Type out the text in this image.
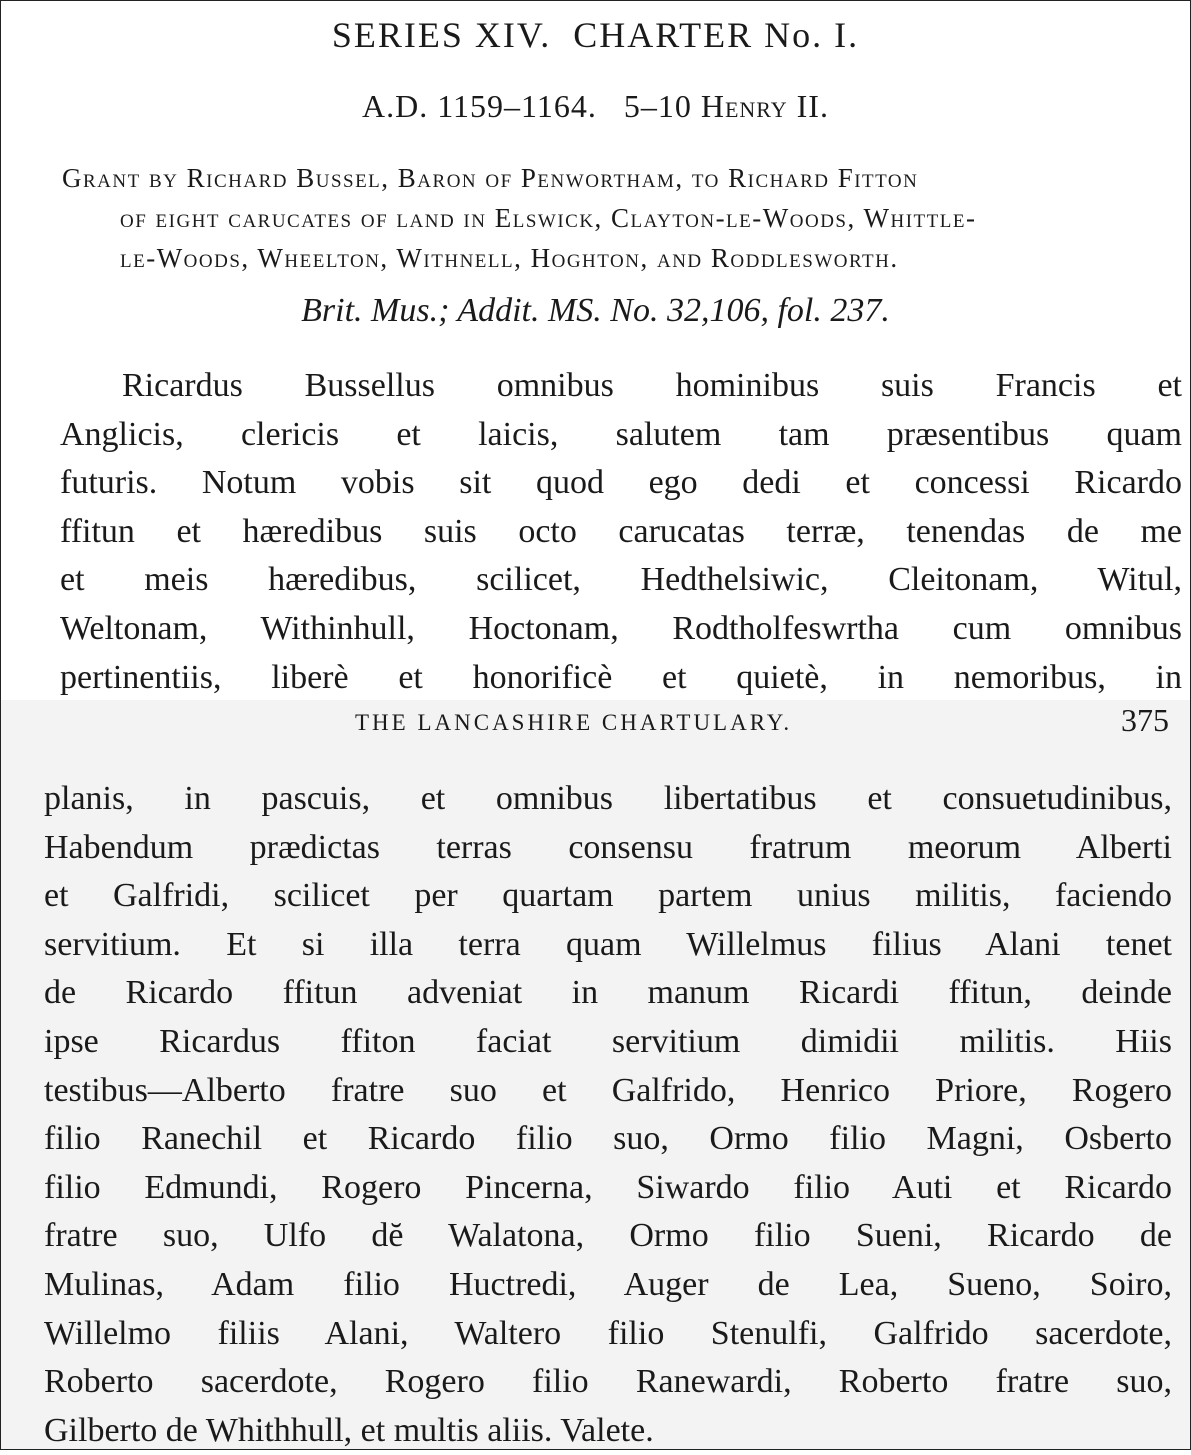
SERIES XIV.  CHARTER No. I.
A.D. 1159–1164. 5–10 Henry II.
Grant by Richard Bussel, Baron of Penwortham, to Richard Fitton
of eight carucates of land in Elswick, Clayton-le-Woods, Whittle-
le-Woods, Wheelton, Withnell, Hoghton, and Roddlesworth.
Brit. Mus.; Addit. MS. No. 32,106, fol. 237.
Ricardus Bussellus omnibus hominibus suis Francis et
Anglicis, clericis et laicis, salutem tam præsentibus quam
futuris. Notum vobis sit quod ego dedi et concessi Ricardo
ffitun et hæredibus suis octo carucatas terræ, tenendas de me
et meis hæredibus, scilicet, Hedthelsiwic, Cleitonam, Witul,
Weltonam, Withinhull, Hoctonam, Rodtholfeswrtha cum omnibus
pertinentiis, liberè et honorificè et quietè, in nemoribus, in
THE LANCASHIRE CHARTULARY.	375
planis, in pascuis, et omnibus libertatibus et consuetudinibus,
Habendum prædictas terras consensu fratrum meorum Alberti
et Galfridi, scilicet per quartam partem unius militis, faciendo
servitium. Et si illa terra quam Willelmus filius Alani tenet
de Ricardo ffitun adveniat in manum Ricardi ffitun, deinde
ipse Ricardus ffiton faciat servitium dimidii militis. Hiis
testibus—Alberto fratre suo et Galfrido, Henrico Priore, Rogero
filio Ranechil et Ricardo filio suo, Ormo filio Magni, Osberto
filio Edmundi, Rogero Pincerna, Siwardo filio Auti et Ricardo
fratre suo, Ulfo dĕ Walatona, Ormo filio Sueni, Ricardo de
Mulinas, Adam filio Huctredi, Auger de Lea, Sueno, Soiro,
Willelmo filiis Alani, Waltero filio Stenulfi, Galfrido sacerdote,
Roberto sacerdote, Rogero filio Ranewardi, Roberto fratre suo,
Gilberto de Whithhull, et multis aliis. Valete.
